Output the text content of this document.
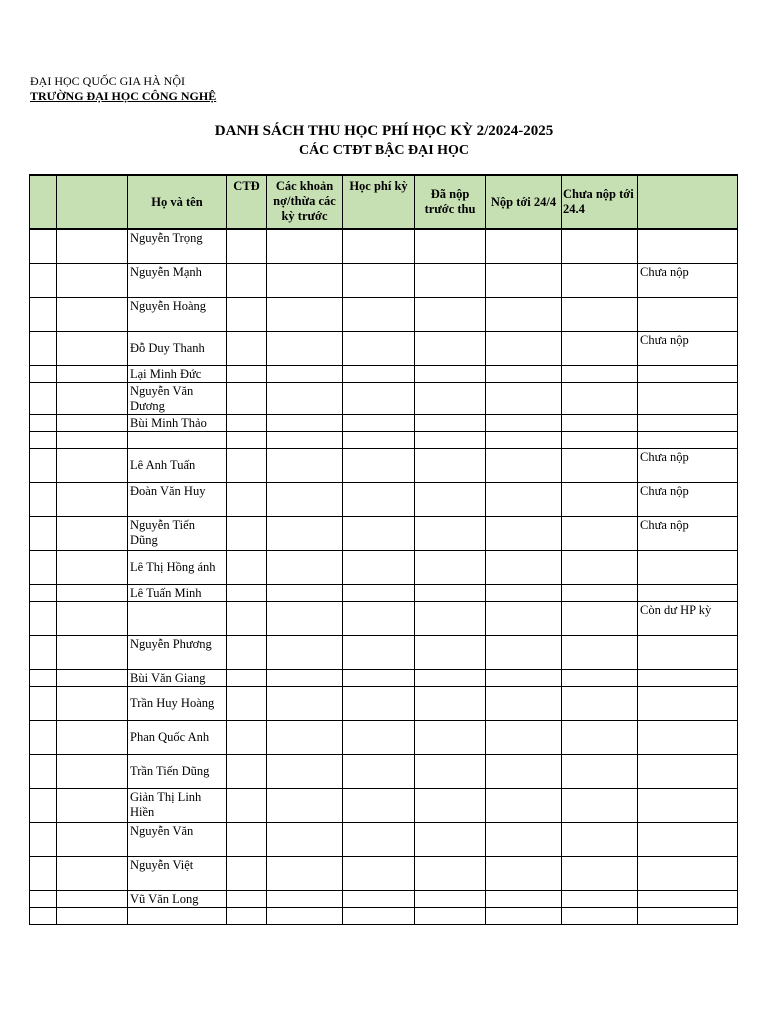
ĐẠI HỌC QUỐC GIA HÀ NỘI
TRƯỜNG ĐẠI HỌC CÔNG NGHỆ
DANH SÁCH THU HỌC PHÍ HỌC KỲ 2/2024-2025
CÁC CTĐT BẬC ĐẠI HỌC
		Họ và tên	CTĐ	Các khoản nợ/thừa các kỳ trước	Học phí kỳ	Đã nộp trước thu	Nộp tới 24/4	Chưa nộp tới 24.4	
		Nguyễn Trọng							
		Nguyễn Mạnh							Chưa nộp
		Nguyễn Hoàng							
		Đỗ Duy Thanh							Chưa nộp
		Lại Minh Đức							
		Nguyễn Văn Dương							
		Bùi Minh Thảo							

		Lê Anh Tuấn							Chưa nộp
		Đoàn Văn Huy							Chưa nộp
		Nguyễn Tiến Dũng							Chưa nộp
		Lê Thị Hồng ánh							
		Lê Tuấn Minh							
									Còn dư HP kỳ
		Nguyễn Phương							
		Bùi Văn Giang							
		Trần Huy Hoàng							
		Phan Quốc Anh							
		Trần Tiến Dũng							
		Giản Thị Linh Hiền							
		Nguyễn Văn							
		Nguyễn Việt							
		Vũ Văn Long							
